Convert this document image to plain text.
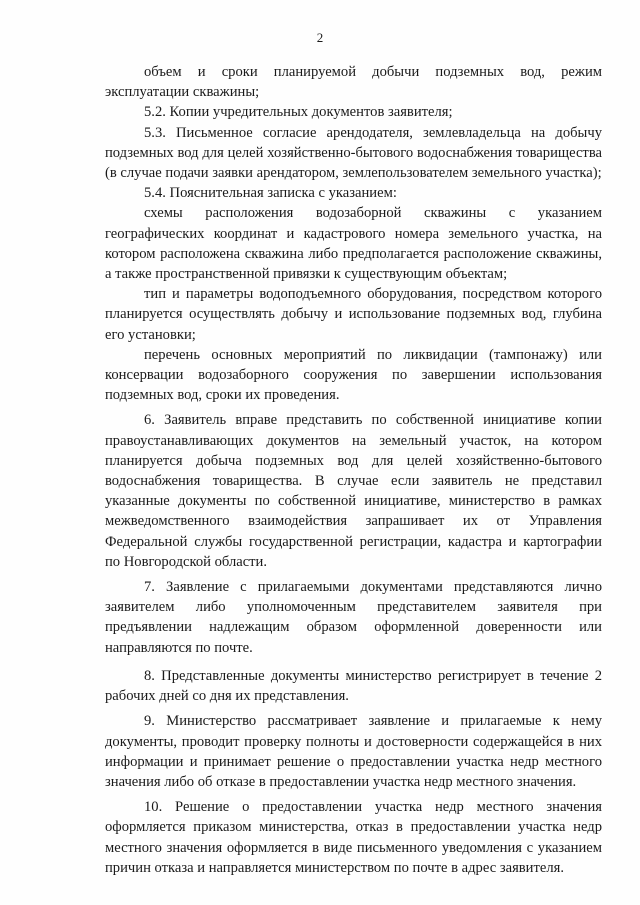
2

объем и сроки планируемой добычи подземных вод, режим эксплуатации скважины;

5.2. Копии учредительных документов заявителя;

5.3. Письменное согласие арендодателя, землевладельца на добычу подземных вод для целей хозяйственно-бытового водоснабжения товарищества (в случае подачи заявки арендатором, землепользователем земельного участка);

5.4. Пояснительная записка с указанием:

схемы расположения водозаборной скважины с указанием географических координат и кадастрового номера земельного участка, на котором расположена скважина либо предполагается расположение скважины, а также пространственной привязки к существующим объектам;

тип и параметры водоподъемного оборудования, посредством которого планируется осуществлять добычу и использование подземных вод, глубина его установки;

перечень основных мероприятий по ликвидации (тампонажу) или консервации водозаборного сооружения по завершении использования подземных вод, сроки их проведения.

6. Заявитель вправе представить по собственной инициативе копии правоустанавливающих документов на земельный участок, на котором планируется добыча подземных вод для целей хозяйственно-бытового водоснабжения товарищества. В случае если заявитель не представил указанные документы по собственной инициативе, министерство в рамках межведомственного взаимодействия запрашивает их от Управления Федеральной службы государственной регистрации, кадастра и картографии по Новгородской области.

7. Заявление с прилагаемыми документами представляются лично заявителем либо уполномоченным представителем заявителя при предъявлении надлежащим образом оформленной доверенности или направляются по почте.

8. Представленные документы министерство регистрирует в течение 2 рабочих дней со дня их представления.

9. Министерство рассматривает заявление и прилагаемые к нему документы, проводит проверку полноты и достоверности содержащейся в них информации и принимает решение о предоставлении участка недр местного значения либо об отказе в предоставлении участка недр местного значения.

10. Решение о предоставлении участка недр местного значения оформляется приказом министерства, отказ в предоставлении участка недр местного значения оформляется в виде письменного уведомления с указанием причин отказа и направляется министерством по почте в адрес заявителя.
